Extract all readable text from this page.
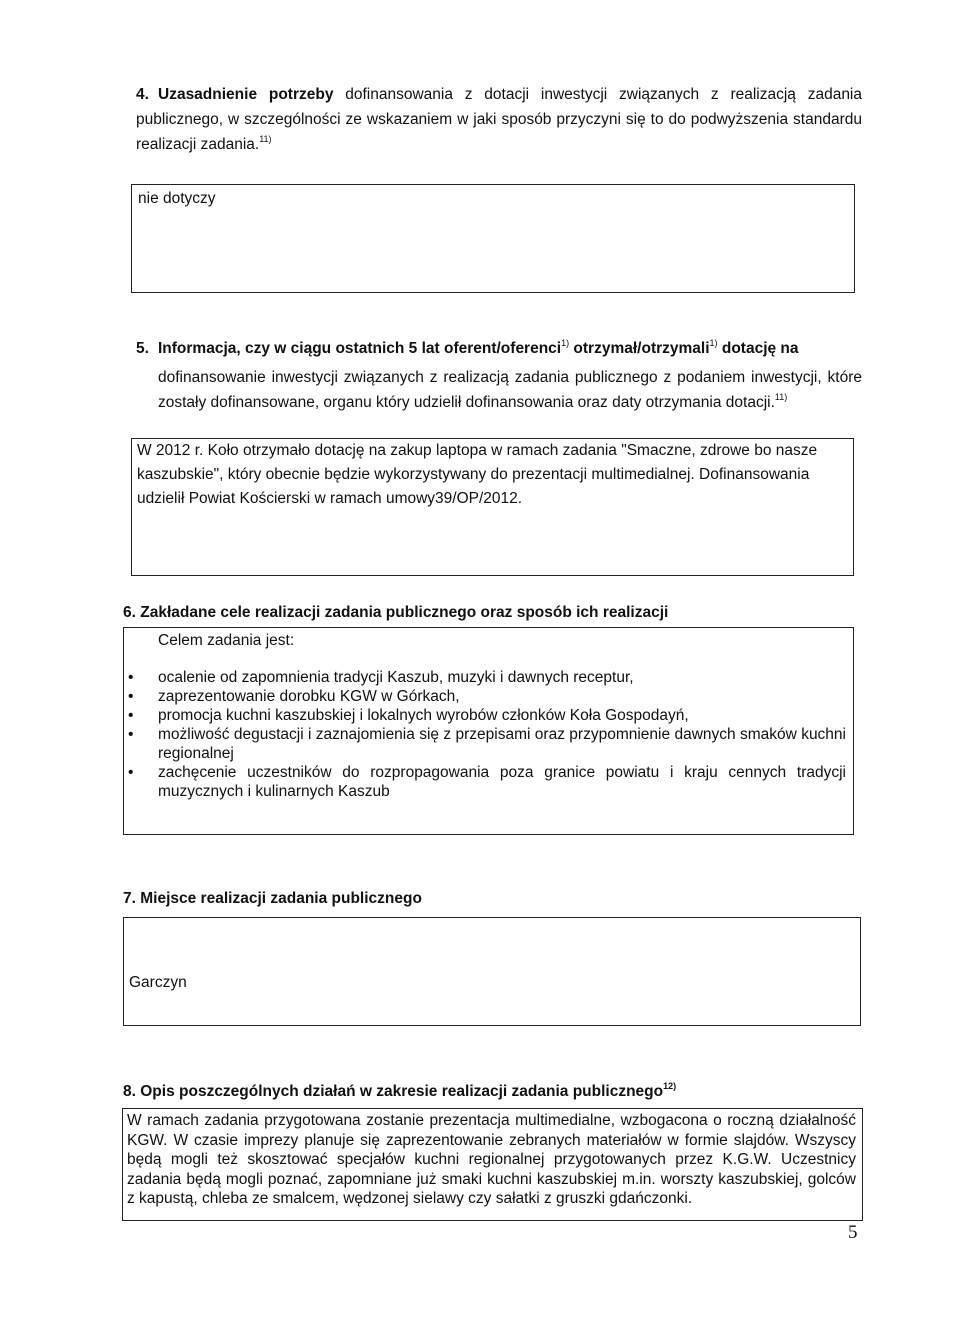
4. Uzasadnienie potrzeby dofinansowania z dotacji inwestycji związanych z realizacją zadania publicznego, w szczególności ze wskazaniem w jaki sposób przyczyni się to do podwyższenia standardu realizacji zadania.$^{11)}$
nie dotyczy
5. Informacja, czy w ciągu ostatnich 5 lat oferent/oferenci$^{1)}$ otrzymał/otrzymali$^{1)}$ dotację na
dofinansowanie inwestycji związanych z realizacją zadania publicznego z podaniem inwestycji, które zostały dofinansowane, organu który udzielił dofinansowania oraz daty otrzymania dotacji.$^{11)}$
W 2012 r. Koło otrzymało dotację na zakup laptopa w ramach zadania "Smaczne, zdrowe bo nasze kaszubskie", który obecnie będzie wykorzystywany do prezentacji multimedialnej. Dofinansowania udzielił Powiat Kościerski w ramach umowy39/OP/2012.
6. Zakładane cele realizacji zadania publicznego oraz sposób ich realizacji
Celem zadania jest:
• ocalenie od zapomnienia tradycji Kaszub, muzyki i dawnych receptur,
• zaprezentowanie dorobku KGW w Górkach,
• promocja kuchni kaszubskiej i lokalnych wyrobów członków Koła Gospodayń,
• możliwość degustacji i zaznajomienia się z przepisami oraz przypomnienie dawnych smaków kuchni regionalnej
• zachęcenie uczestników do rozpropagowania poza granice powiatu i kraju cennych tradycji muzycznych i kulinarnych Kaszub
7. Miejsce realizacji zadania publicznego
Garczyn
8. Opis poszczególnych działań w zakresie realizacji zadania publicznego$^{12)}$
W ramach zadania przygotowana zostanie prezentacja multimedialne, wzbogacona o roczną działalność KGW. W czasie imprezy planuje się zaprezentowanie zebranych materiałów w formie slajdów. Wszyscy będą mogli też skosztować specjałów kuchni regionalnej przygotowanych przez K.G.W. Uczestnicy zadania będą mogli poznać, zapomniane już smaki kuchni kaszubskiej m.in. worszty kaszubskiej, golców z kapustą, chleba ze smalcem, wędzonej sielawy czy sałatki z gruszki gdańczonki.
5
